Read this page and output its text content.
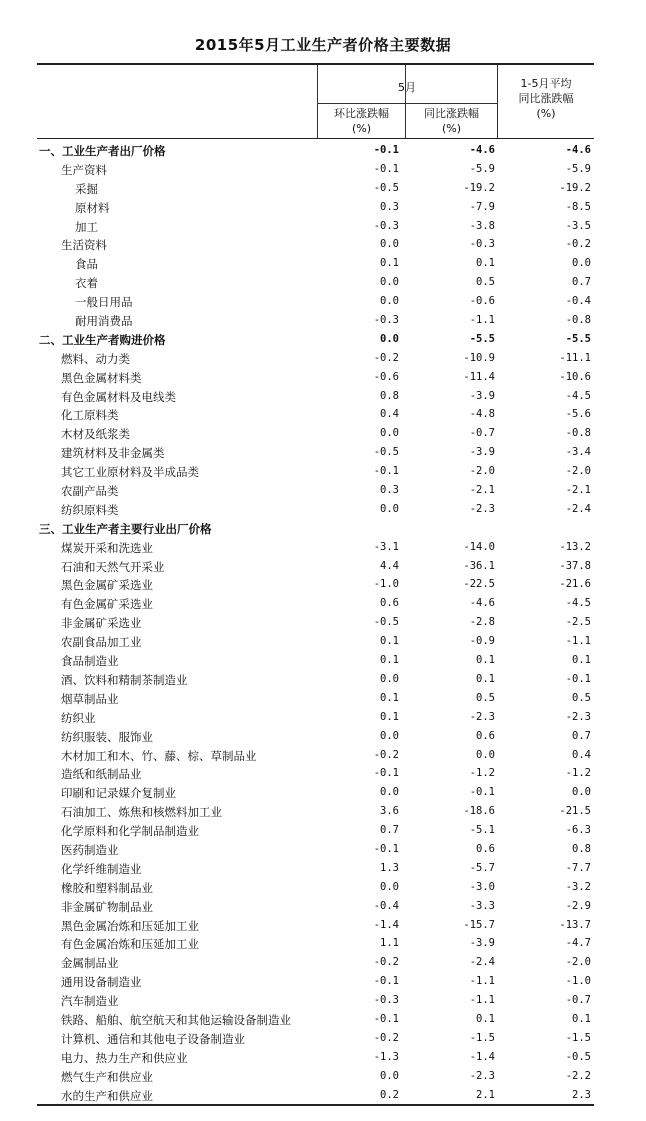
2015年5月工业生产者价格主要数据
5月
环比涨跌幅
(%)
同比涨跌幅
(%)
1-5月平均
同比涨跌幅
(%)
一、工业生产者出厂价格	-0.1	-4.6	-4.6
生产资料	-0.1	-5.9	-5.9
采掘	-0.5	-19.2	-19.2
原材料	0.3	-7.9	-8.5
加工	-0.3	-3.8	-3.5
生活资料	0.0	-0.3	-0.2
食品	0.1	0.1	0.0
衣着	0.0	0.5	0.7
一般日用品	0.0	-0.6	-0.4
耐用消费品	-0.3	-1.1	-0.8
二、工业生产者购进价格	0.0	-5.5	-5.5
燃料、动力类	-0.2	-10.9	-11.1
黑色金属材料类	-0.6	-11.4	-10.6
有色金属材料及电线类	0.8	-3.9	-4.5
化工原料类	0.4	-4.8	-5.6
木材及纸浆类	0.0	-0.7	-0.8
建筑材料及非金属类	-0.5	-3.9	-3.4
其它工业原材料及半成品类	-0.1	-2.0	-2.0
农副产品类	0.3	-2.1	-2.1
纺织原料类	0.0	-2.3	-2.4
三、工业生产者主要行业出厂价格
煤炭开采和洗选业	-3.1	-14.0	-13.2
石油和天然气开采业	4.4	-36.1	-37.8
黑色金属矿采选业	-1.0	-22.5	-21.6
有色金属矿采选业	0.6	-4.6	-4.5
非金属矿采选业	-0.5	-2.8	-2.5
农副食品加工业	0.1	-0.9	-1.1
食品制造业	0.1	0.1	0.1
酒、饮料和精制茶制造业	0.0	0.1	-0.1
烟草制品业	0.1	0.5	0.5
纺织业	0.1	-2.3	-2.3
纺织服装、服饰业	0.0	0.6	0.7
木材加工和木、竹、藤、棕、草制品业	-0.2	0.0	0.4
造纸和纸制品业	-0.1	-1.2	-1.2
印刷和记录媒介复制业	0.0	-0.1	0.0
石油加工、炼焦和核燃料加工业	3.6	-18.6	-21.5
化学原料和化学制品制造业	0.7	-5.1	-6.3
医药制造业	-0.1	0.6	0.8
化学纤维制造业	1.3	-5.7	-7.7
橡胶和塑料制品业	0.0	-3.0	-3.2
非金属矿物制品业	-0.4	-3.3	-2.9
黑色金属冶炼和压延加工业	-1.4	-15.7	-13.7
有色金属冶炼和压延加工业	1.1	-3.9	-4.7
金属制品业	-0.2	-2.4	-2.0
通用设备制造业	-0.1	-1.1	-1.0
汽车制造业	-0.3	-1.1	-0.7
铁路、船舶、航空航天和其他运输设备制造业	-0.1	0.1	0.1
计算机、通信和其他电子设备制造业	-0.2	-1.5	-1.5
电力、热力生产和供应业	-1.3	-1.4	-0.5
燃气生产和供应业	0.0	-2.3	-2.2
水的生产和供应业	0.2	2.1	2.3
